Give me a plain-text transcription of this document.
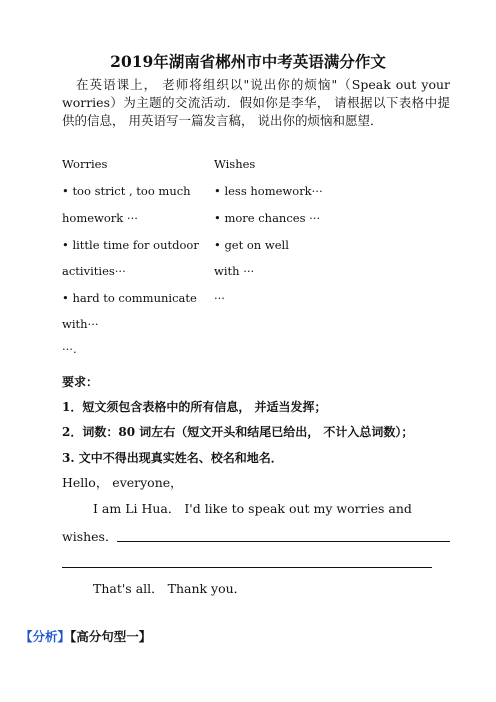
2019年湖南省郴州市中考英语满分作文
在英语课上， 老师将组织以"说出你的烦恼"（Speak out your worries）为主题的交流活动．假如你是李华， 请根据以下表格中提供的信息， 用英语写一篇发言稿， 说出你的烦恼和愿望．
Worries
• too strict , too much
homework ···
• little time for outdoor
activities···
• hard to communicate
with···
···.
Wishes
• less homework···
• more chances ···
• get on well
with ···
···
要求：
1．短文须包含表格中的所有信息， 并适当发挥；
2．词数：80 词左右（短文开头和结尾已给出， 不计入总词数）；
3. 文中不得出现真实姓名、校名和地名．
Hello， everyone，
I am Li Hua． I'd like to speak out my worries and
wishes．
That's all． Thank you．
【分析】【高分句型一】
